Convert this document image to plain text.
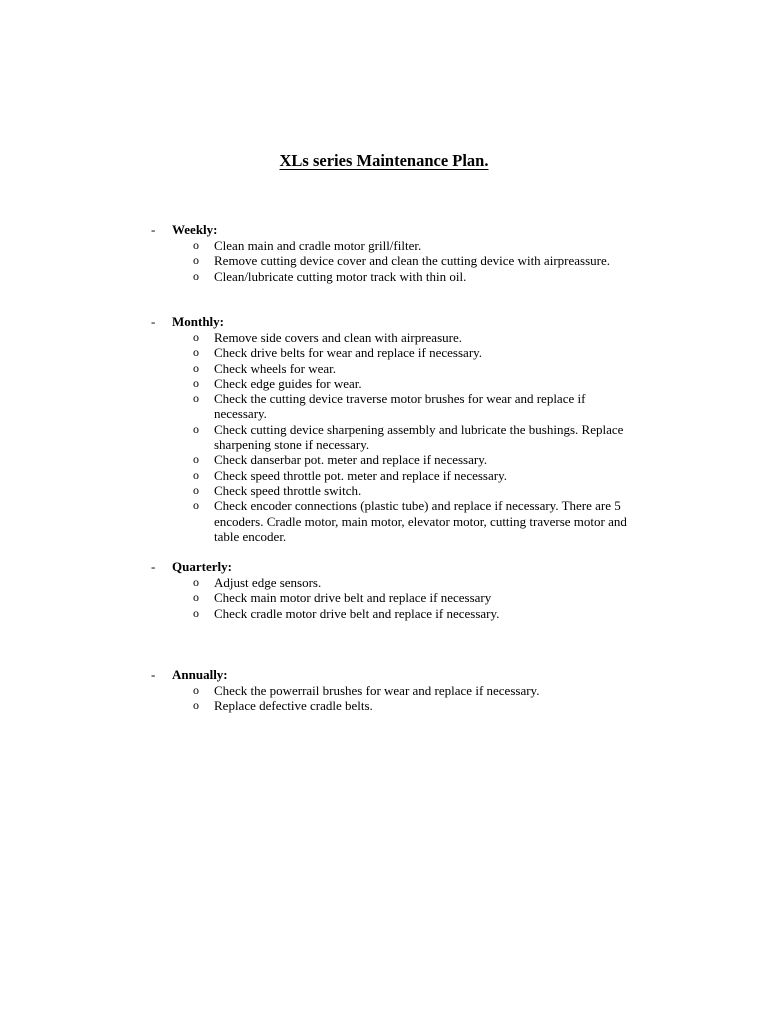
XLs series Maintenance Plan.
- Weekly:
o Clean main and cradle motor grill/filter.
o Remove cutting device cover and clean the cutting device with airpreassure.
o Clean/lubricate cutting motor track with thin oil.
- Monthly:
o Remove side covers and clean with airpreasure.
o Check drive belts for wear and replace if necessary.
o Check wheels for wear.
o Check edge guides for wear.
o Check the cutting device traverse motor brushes for wear and replace if necessary.
o Check cutting device sharpening assembly and lubricate the bushings. Replace sharpening stone if necessary.
o Check danserbar pot. meter and replace if necessary.
o Check speed throttle pot. meter and replace if necessary.
o Check speed throttle switch.
o Check encoder connections (plastic tube) and replace if necessary. There are 5 encoders. Cradle motor, main motor, elevator motor, cutting traverse motor and table encoder.
- Quarterly:
o Adjust edge sensors.
o Check main motor drive belt and replace if necessary
o Check cradle motor drive belt and replace if necessary.
- Annually:
o Check the powerrail brushes for wear and replace if necessary.
o Replace defective cradle belts.
